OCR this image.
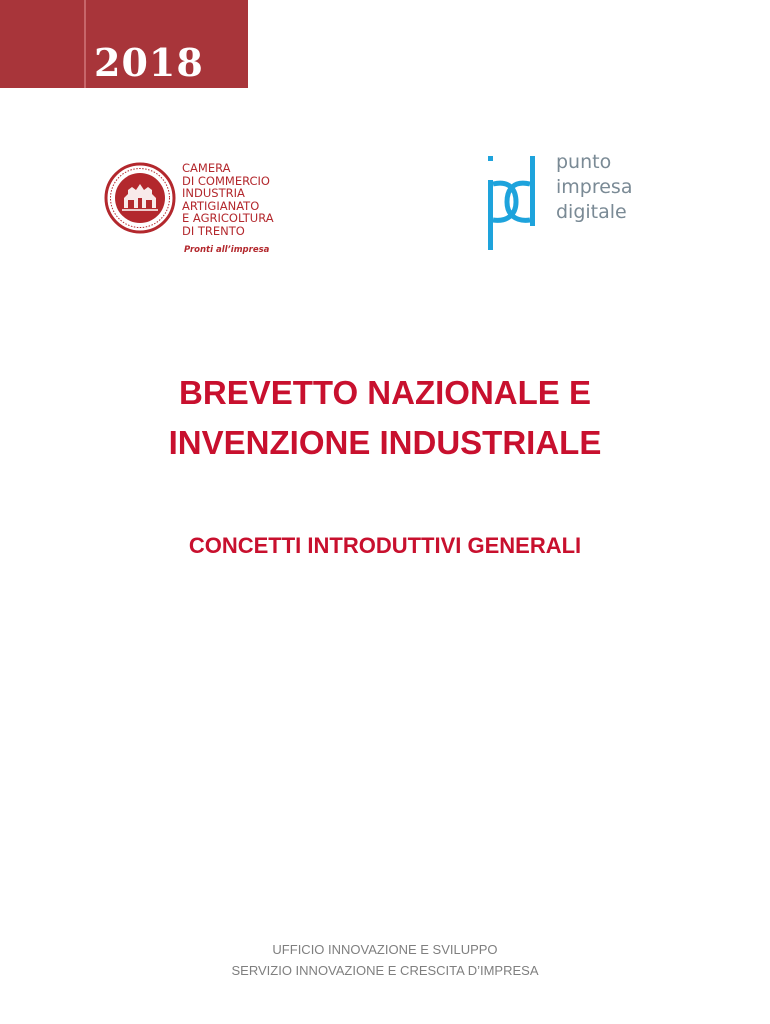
2018
CAMERA
DI COMMERCIO
INDUSTRIA
ARTIGIANATO
E AGRICOLTURA
DI TRENTO
Pronti all’impresa
punto
impresa
digitale
BREVETTO NAZIONALE E
INVENZIONE INDUSTRIALE
CONCETTI INTRODUTTIVI GENERALI
UFFICIO INNOVAZIONE E SVILUPPO
SERVIZIO INNOVAZIONE E CRESCITA D’IMPRESA
